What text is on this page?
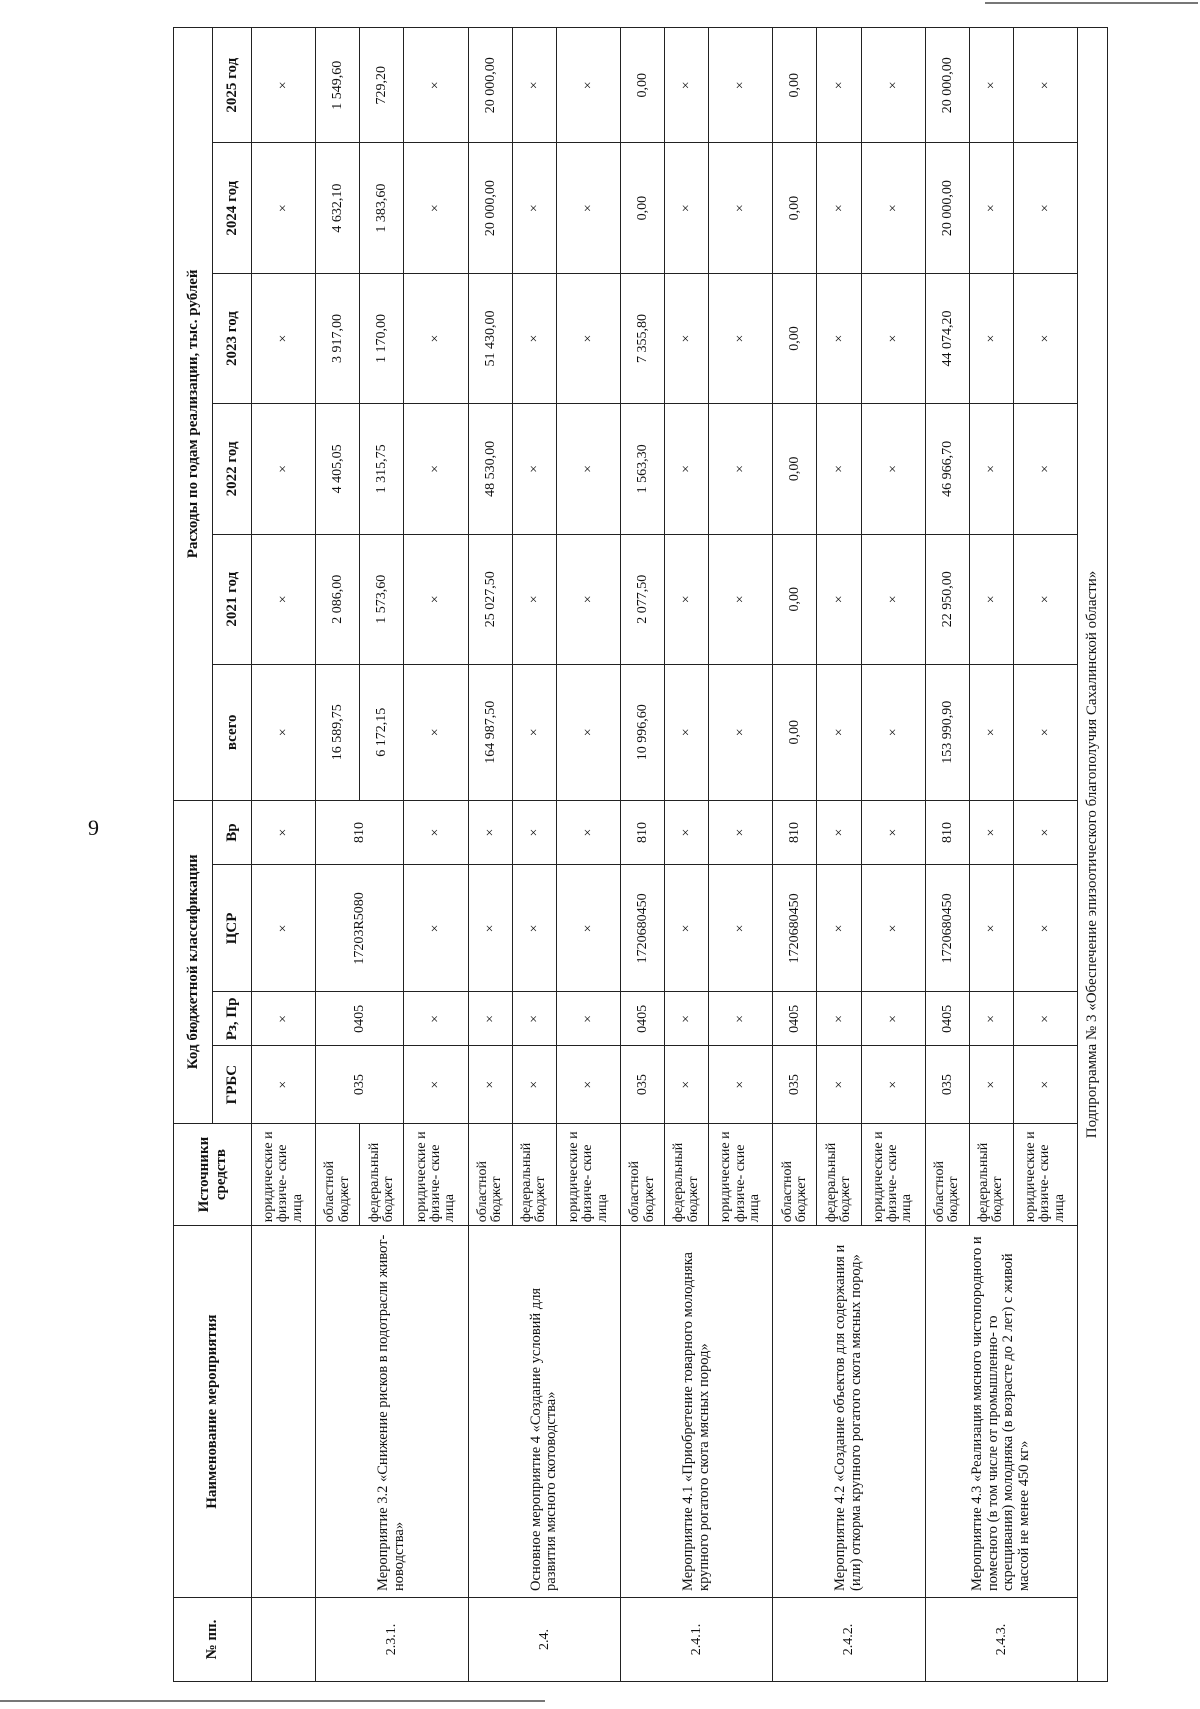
9
№ пп.	Наименование мероприятия	Источники средств	Код бюджетной классификации				Расходы по годам реализации, тыс. рублей					
			ГРБС	Рз, Пр	ЦСР	Вр	всего	2021 год	2022 год	2023 год	2024 год	2025 год
		юридические и физиче- ские лица	×	×	×	×	×	×	×	×	×	×
2.3.1.	Мероприятие 3.2 «Снижение рисков в подотрасли живот- новодства»	областной бюджет	035	0405	17203R5080	810	16 589,75	2 086,00	4 405,05	3 917,00	4 632,10	1 549,60
		федеральный бюджет					6 172,15	1 573,60	1 315,75	1 170,00	1 383,60	729,20
		юридические и физиче- ские лица	×	×	×	×	×	×	×	×	×	×
2.4.	Основное мероприятие 4 «Создание условий для развития мясного скотоводства»	областной бюджет	×	×	×	×	164 987,50	25 027,50	48 530,00	51 430,00	20 000,00	20 000,00
		федеральный бюджет	×	×	×	×	×	×	×	×	×	×
		юридические и физиче- ские лица	×	×	×	×	×	×	×	×	×	×
2.4.1.	Мероприятие 4.1 «Приобретение товарного молодняка крупного рогатого скота мясных пород»	областной бюджет	035	0405	1720680450	810	10 996,60	2 077,50	1 563,30	7 355,80	0,00	0,00
		федеральный бюджет	×	×	×	×	×	×	×	×	×	×
		юридические и физиче- ские лица	×	×	×	×	×	×	×	×	×	×
2.4.2.	Мероприятие 4.2 «Создание объектов для содержания и (или) откорма крупного рогатого скота мясных пород»	областной бюджет	035	0405	1720680450	810	0,00	0,00	0,00	0,00	0,00	0,00
		федеральный бюджет	×	×	×	×	×	×	×	×	×	×
		юридические и физиче- ские лица	×	×	×	×	×	×	×	×	×	×
2.4.3.	Мероприятие 4.3 «Реализация мясного чистопородного и помесного (в том числе от промышленно- го скрещивания) молодняка (в возрасте до 2 лет) с живой массой не менее 450 кг»	областной бюджет	035	0405	1720680450	810	153 990,90	22 950,00	46 966,70	44 074,20	20 000,00	20 000,00
		федеральный бюджет	×	×	×	×	×	×	×	×	×	×
		юридические и физиче- ские лица	×	×	×	×	×	×	×	×	×	×
Подпрограмма № 3 «Обеспечение эпизоотического благополучия Сахалинской области»												
